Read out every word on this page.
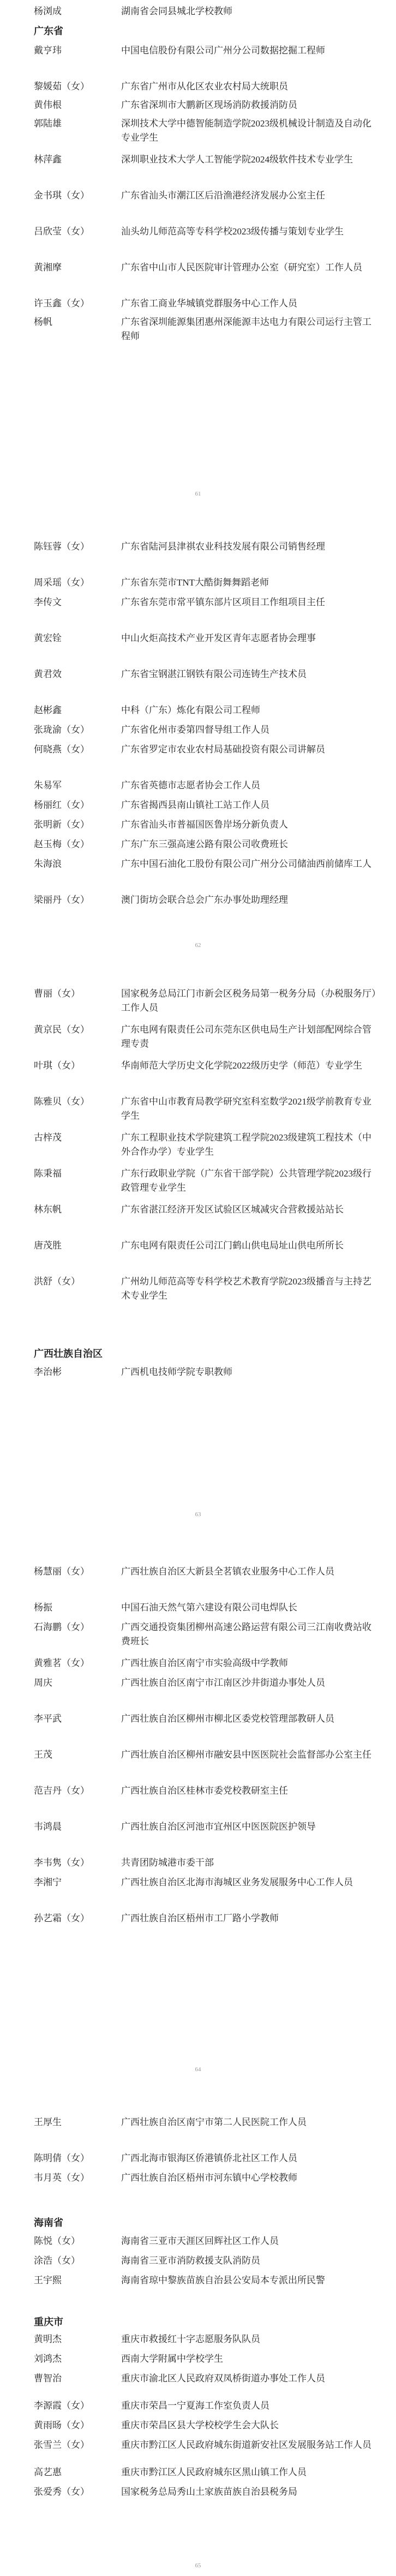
杨浏成	湖南省会同县城北学校教师
广东省
戴亨玮	中国电信股份有限公司广州分公司数据挖掘工程师
黎媛茹（女）	广东省广州市从化区农业农村局大统职员
黄伟根	广东省深圳市大鹏新区现场消防救援消防员
郭陆雄	深圳技术大学中德智能制造学院2023级机械设计制造及自动化专业学生
林萍鑫	深圳职业技术大学人工智能学院2024级软件技术专业学生
金书琪（女）	广东省汕头市潮江区后沿渔港经济发展办公室主任
吕欣莹（女）	汕头幼儿师范高等专科学校2023级传播与策划专业学生
黄湘摩	广东省中山市人民医院审计管理办公室（研究室）工作人员
许玉鑫（女）	广东省工商业华城镇党群服务中心工作人员
杨帆	广东省深圳能源集团惠州深能源丰达电力有限公司运行主管工程师
61
陈钰蓉（女）	广东省陆河县津祺农业科技发展有限公司销售经理
周采瑶（女）	广东省东莞市TNT大酷街舞舞蹈老师
李传文	广东省东莞市常平镇东部片区项目工作组项目主任
黄宏铨	中山火炬高技术产业开发区青年志愿者协会理事
黄君效	广东省宝钢湛江钢铁有限公司连铸生产技术员
赵彬鑫	中科（广东）炼化有限公司工程师
张珑渝（女）	广东省化州市委第四督导组工作人员
何晓燕（女）	广东省罗定市农业农村局基础投资有限公司讲解员
朱易军	广东省英德市志愿者协会工作人员
杨丽红（女）	广东省揭西县南山镇社工站工作人员
张明新（女）	广东省汕头市普福国医鲁岸场分新负责人
赵玉梅（女）	广东广东三强高速公路有限公司收费班长
朱海浪	广东中国石油化工股份有限公司广州分公司储油西前储库工人
梁丽丹（女）	澳门街坊会联合总会广东办事处助理经理
62
曹丽（女）	国家税务总局江门市新会区税务局第一税务分局（办税服务厅）工作人员
黄京民（女）	广东电网有限责任公司东莞东区供电局生产计划部配网综合管理专责
叶琪（女）	华南师范大学历史文化学院2022级历史学（师范）专业学生
陈雅贝（女）	广东省中山市教育局教学研究室科室数学2021级学前教育专业学生
古梓茂	广东工程职业技术学院建筑工程学院2023级建筑工程技术（中外合作办学）专业学生
陈秉福	广东行政职业学院（广东省干部学院）公共管理学院2023级行政管理专业学生
林东帆	广东省湛江经济开发区试验区区城减灾合营救援站站长
唐茂胜	广东电网有限责任公司江门鹤山供电局址山供电所所长
洪舒（女）	广州幼儿师范高等专科学校艺术教育学院2023级播音与主持艺术专业学生
广西壮族自治区
李治彬	广西机电技师学院专职教师
63
杨慧丽（女）	广西壮族自治区大新县全茗镇农业服务中心工作人员
杨振	中国石油天然气第六建设有限公司电焊队长
石海鹏（女）	广西交通投资集团柳州高速公路运营有限公司三江南收费站收费班长
黄雅茗（女）	广西壮族自治区南宁市实验高级中学教师
周庆	广西壮族自治区南宁市江南区沙井街道办事处人员
李平武	广西壮族自治区柳州市柳北区委党校管理部教研人员
王茂	广西壮族自治区柳州市融安县中医医院社会监督部办公室主任
范吉丹（女）	广西壮族自治区桂林市委党校教研室主任
韦鸿晨	广西壮族自治区河池市宜州区中医医院医护领导
李韦隽（女）	共青团防城港市委干部
李湘宁	广西壮族自治区北海市海城区业务发展服务中心工作人员
孙艺霜（女）	广西壮族自治区梧州市工厂路小学教师
64
王厚生	广西壮族自治区南宁市第二人民医院工作人员
陈明倩（女）	广西北海市银海区侨港镇侨北社区工作人员
韦月英（女）	广西壮族自治区梧州市河东镇中心学校教师
海南省
陈悦（女）	海南省三亚市天涯区回辉社区工作人员
涂浩（女）	海南省三亚市消防救援支队消防员
王宇熙	海南省琼中黎族苗族自治县公安局本专派出所民警
重庆市
黄明杰	重庆市救援红十字志愿服务队队员
刘鸿杰	西南大学附属中学校学生
曹智治	重庆市渝北区人民政府双凤桥街道办事处工作人员
李源霞（女）	重庆市荣昌一宁夏海工作室负责人员
黄雨旸（女）	重庆市荣昌区县大学校校学生会大队长
张雪兰（女）	重庆市黔江区人民政府城东街道新安社区发展服务站工作人员
高艺惠	重庆市黔江区人民政府城东区黑山镇工作人员
张爱秀（女）	国家税务总局秀山土家族苗族自治县税务局
65
